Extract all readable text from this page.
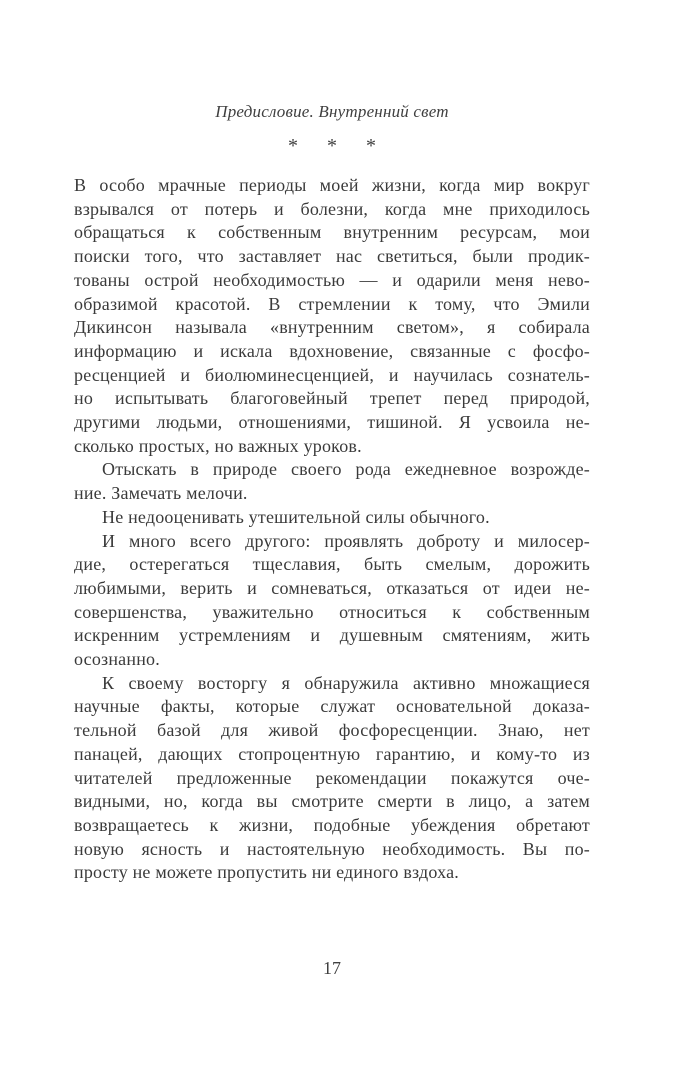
Предисловие. Внутренний свет
* * *
В особо мрачные периоды моей жизни, когда мир вокруг
взрывался от потерь и болезни, когда мне приходилось
обращаться к собственным внутренним ресурсам, мои
поиски того, что заставляет нас светиться, были продик-
тованы острой необходимостью — и одарили меня нево-
образимой красотой. В стремлении к тому, что Эмили
Дикинсон называла «внутренним светом», я собирала
информацию и искала вдохновение, связанные с фосфо-
ресценцией и биолюминесценцией, и научилась сознатель-
но испытывать благоговейный трепет перед природой,
другими людьми, отношениями, тишиной. Я усвоила не-
сколько простых, но важных уроков.
Отыскать в природе своего рода ежедневное возрожде-
ние. Замечать мелочи.
Не недооценивать утешительной силы обычного.
И много всего другого: проявлять доброту и милосер-
дие, остерегаться тщеславия, быть смелым, дорожить
любимыми, верить и сомневаться, отказаться от идеи не-
совершенства, уважительно относиться к собственным
искренним устремлениям и душевным смятениям, жить
осознанно.
К своему восторгу я обнаружила активно множащиеся
научные факты, которые служат основательной доказа-
тельной базой для живой фосфоресценции. Знаю, нет
панацей, дающих стопроцентную гарантию, и кому-то из
читателей предложенные рекомендации покажутся оче-
видными, но, когда вы смотрите смерти в лицо, а затем
возвращаетесь к жизни, подобные убеждения обретают
новую ясность и настоятельную необходимость. Вы по-
просту не можете пропустить ни единого вздоха.
17
